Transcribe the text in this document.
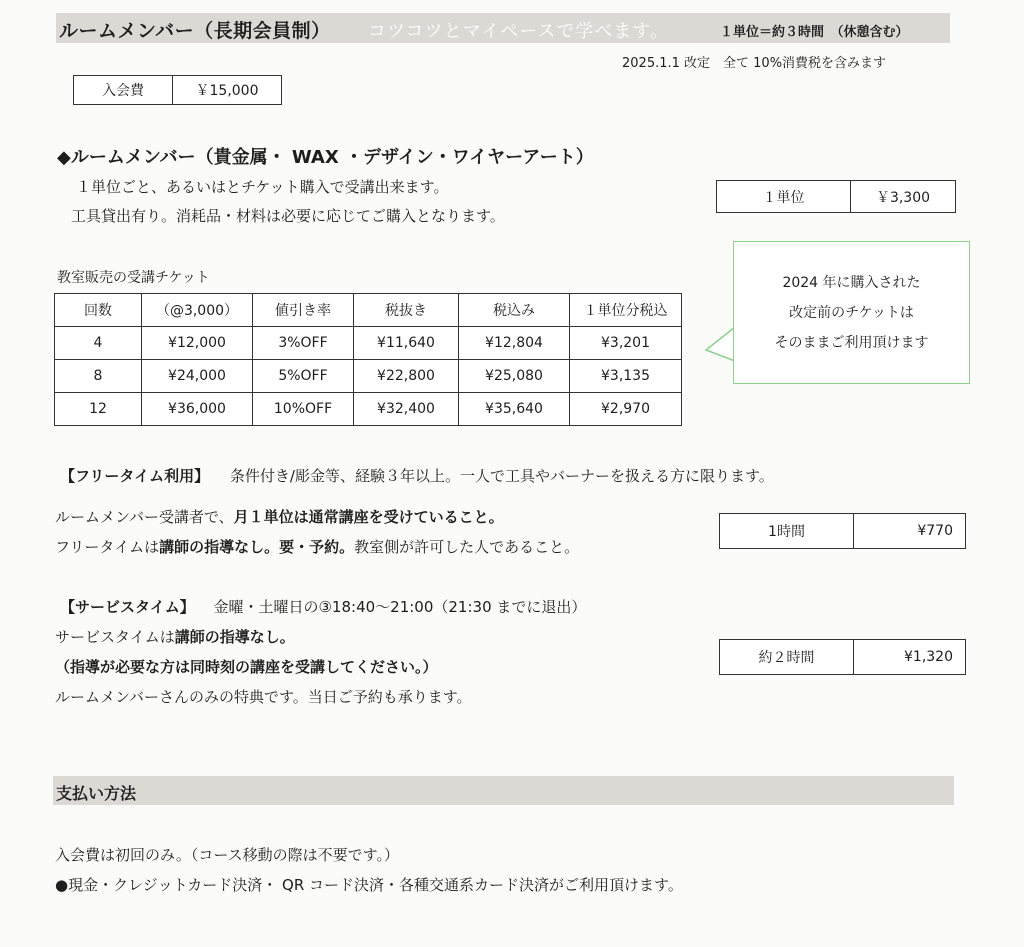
ルームメンバー（長期会員制） コツコツとマイペースで学べます。	１単位＝約３時間　（休憩含む）
2025.1.1 改定　全て 10%消費税を含みます
入会費	￥15,000
◆ルームメンバー（貴金属・ WAX ・デザイン・ワイヤーアート）
１単位ごと、あるいはとチケット購入で受講出来ます。
工具貸出有り。消耗品・材料は必要に応じてご購入となります。
１単位	￥3,300
教室販売の受講チケット
回数	（@3,000）	値引き率	税抜き	税込み	１単位分税込
4	¥12,000	3%OFF	¥11,640	¥12,804	¥3,201
8	¥24,000	5%OFF	¥22,800	¥25,080	¥3,135
12	¥36,000	10%OFF	¥32,400	¥35,640	¥2,970
2024 年に購入された
改定前のチケットは
そのままご利用頂けます
【フリータイム利用】 条件付き/彫金等、経験３年以上。一人で工具やバーナーを扱える方に限ります。
ルームメンバー受講者で、月１単位は通常講座を受けていること。
フリータイムは講師の指導なし。要・予約。教室側が許可した人であること。
1時間	¥770
【サービスタイム】 金曜・土曜日の③18:40～21:00（21:30 までに退出）
サービスタイムは講師の指導なし。
（指導が必要な方は同時刻の講座を受講してください。）
ルームメンバーさんのみの特典です。当日ご予約も承ります。
約２時間	¥1,320
支払い方法
入会費は初回のみ。（コース移動の際は不要です。）
●現金・クレジットカード決済・ QR コード決済・各種交通系カード決済がご利用頂けます。
